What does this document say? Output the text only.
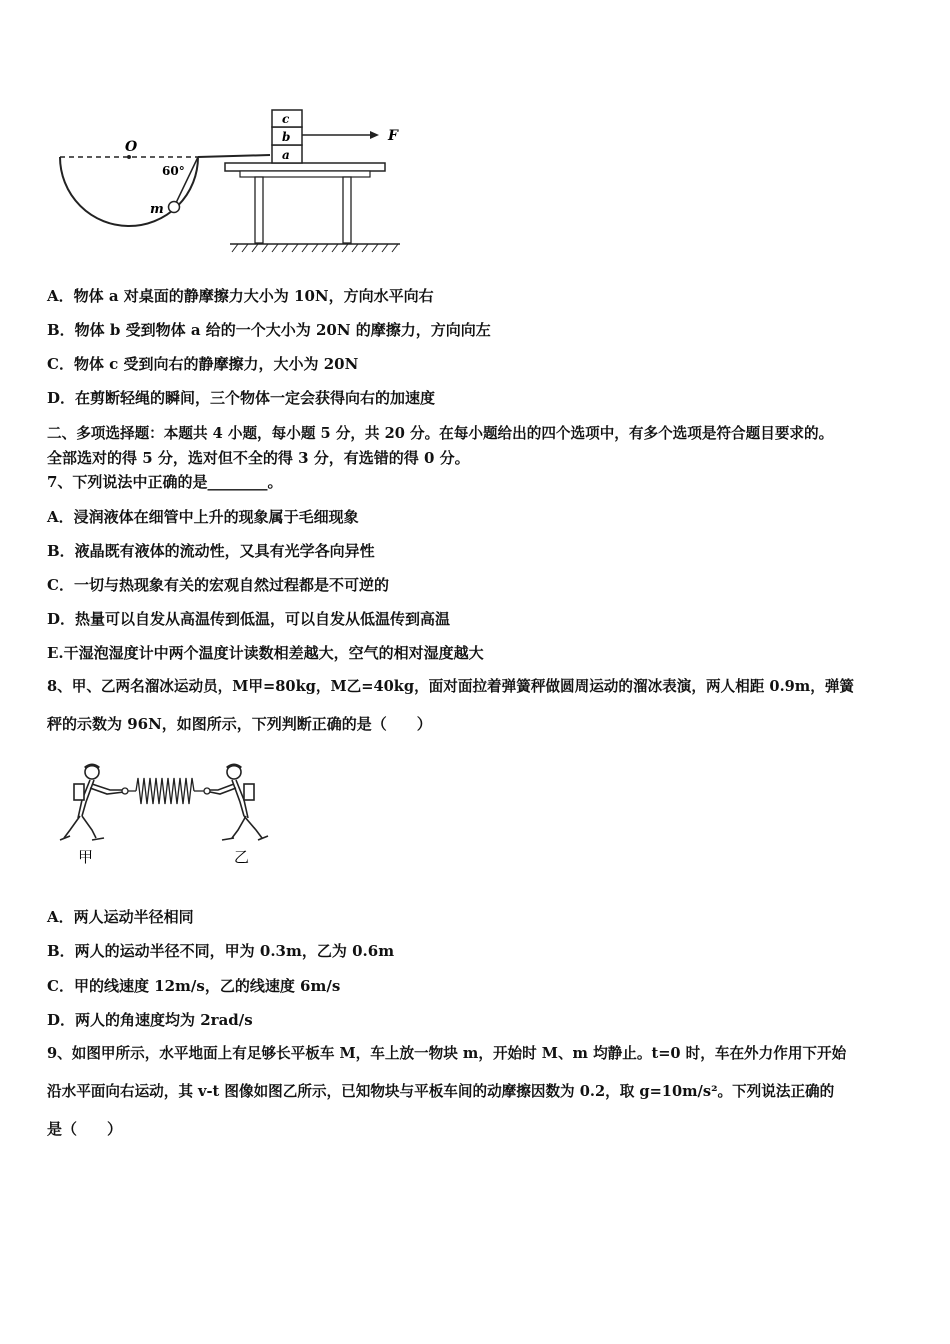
O
60°
m
a
b
c
F
A．物体 a 对桌面的静摩擦力大小为 10N，方向水平向右
B．物体 b 受到物体 a 给的一个大小为 20N 的摩擦力，方向向左
C．物体 c 受到向右的静摩擦力，大小为 20N
D．在剪断轻绳的瞬间，三个物体一定会获得向右的加速度
二、多项选择题：本题共 4 小题，每小题 5 分，共 20 分。在每小题给出的四个选项中，有多个选项是符合题目要求的。
全部选对的得 5 分，选对但不全的得 3 分，有选错的得 0 分。
7、下列说法中正确的是________。
A．浸润液体在细管中上升的现象属于毛细现象
B．液晶既有液体的流动性，又具有光学各向异性
C．一切与热现象有关的宏观自然过程都是不可逆的
D．热量可以自发从高温传到低温，可以自发从低温传到高温
E.干湿泡湿度计中两个温度计读数相差越大，空气的相对湿度越大
8、甲、乙两名溜冰运动员，M甲=80kg，M乙=40kg，面对面拉着弹簧秤做圆周运动的溜冰表演，两人相距 0.9m，弹簧
秤的示数为 96N，如图所示，下列判断正确的是（　　）
甲	乙
A．两人运动半径相同
B．两人的运动半径不同，甲为 0.3m，乙为 0.6m
C．甲的线速度 12m/s，乙的线速度 6m/s
D．两人的角速度均为 2rad/s
9、如图甲所示，水平地面上有足够长平板车 M，车上放一物块 m，开始时 M、m 均静止。t=0 时，车在外力作用下开始
沿水平面向右运动，其 v-t 图像如图乙所示，已知物块与平板车间的动摩擦因数为 0.2，取 g=10m/s²。下列说法正确的
是（　　）
